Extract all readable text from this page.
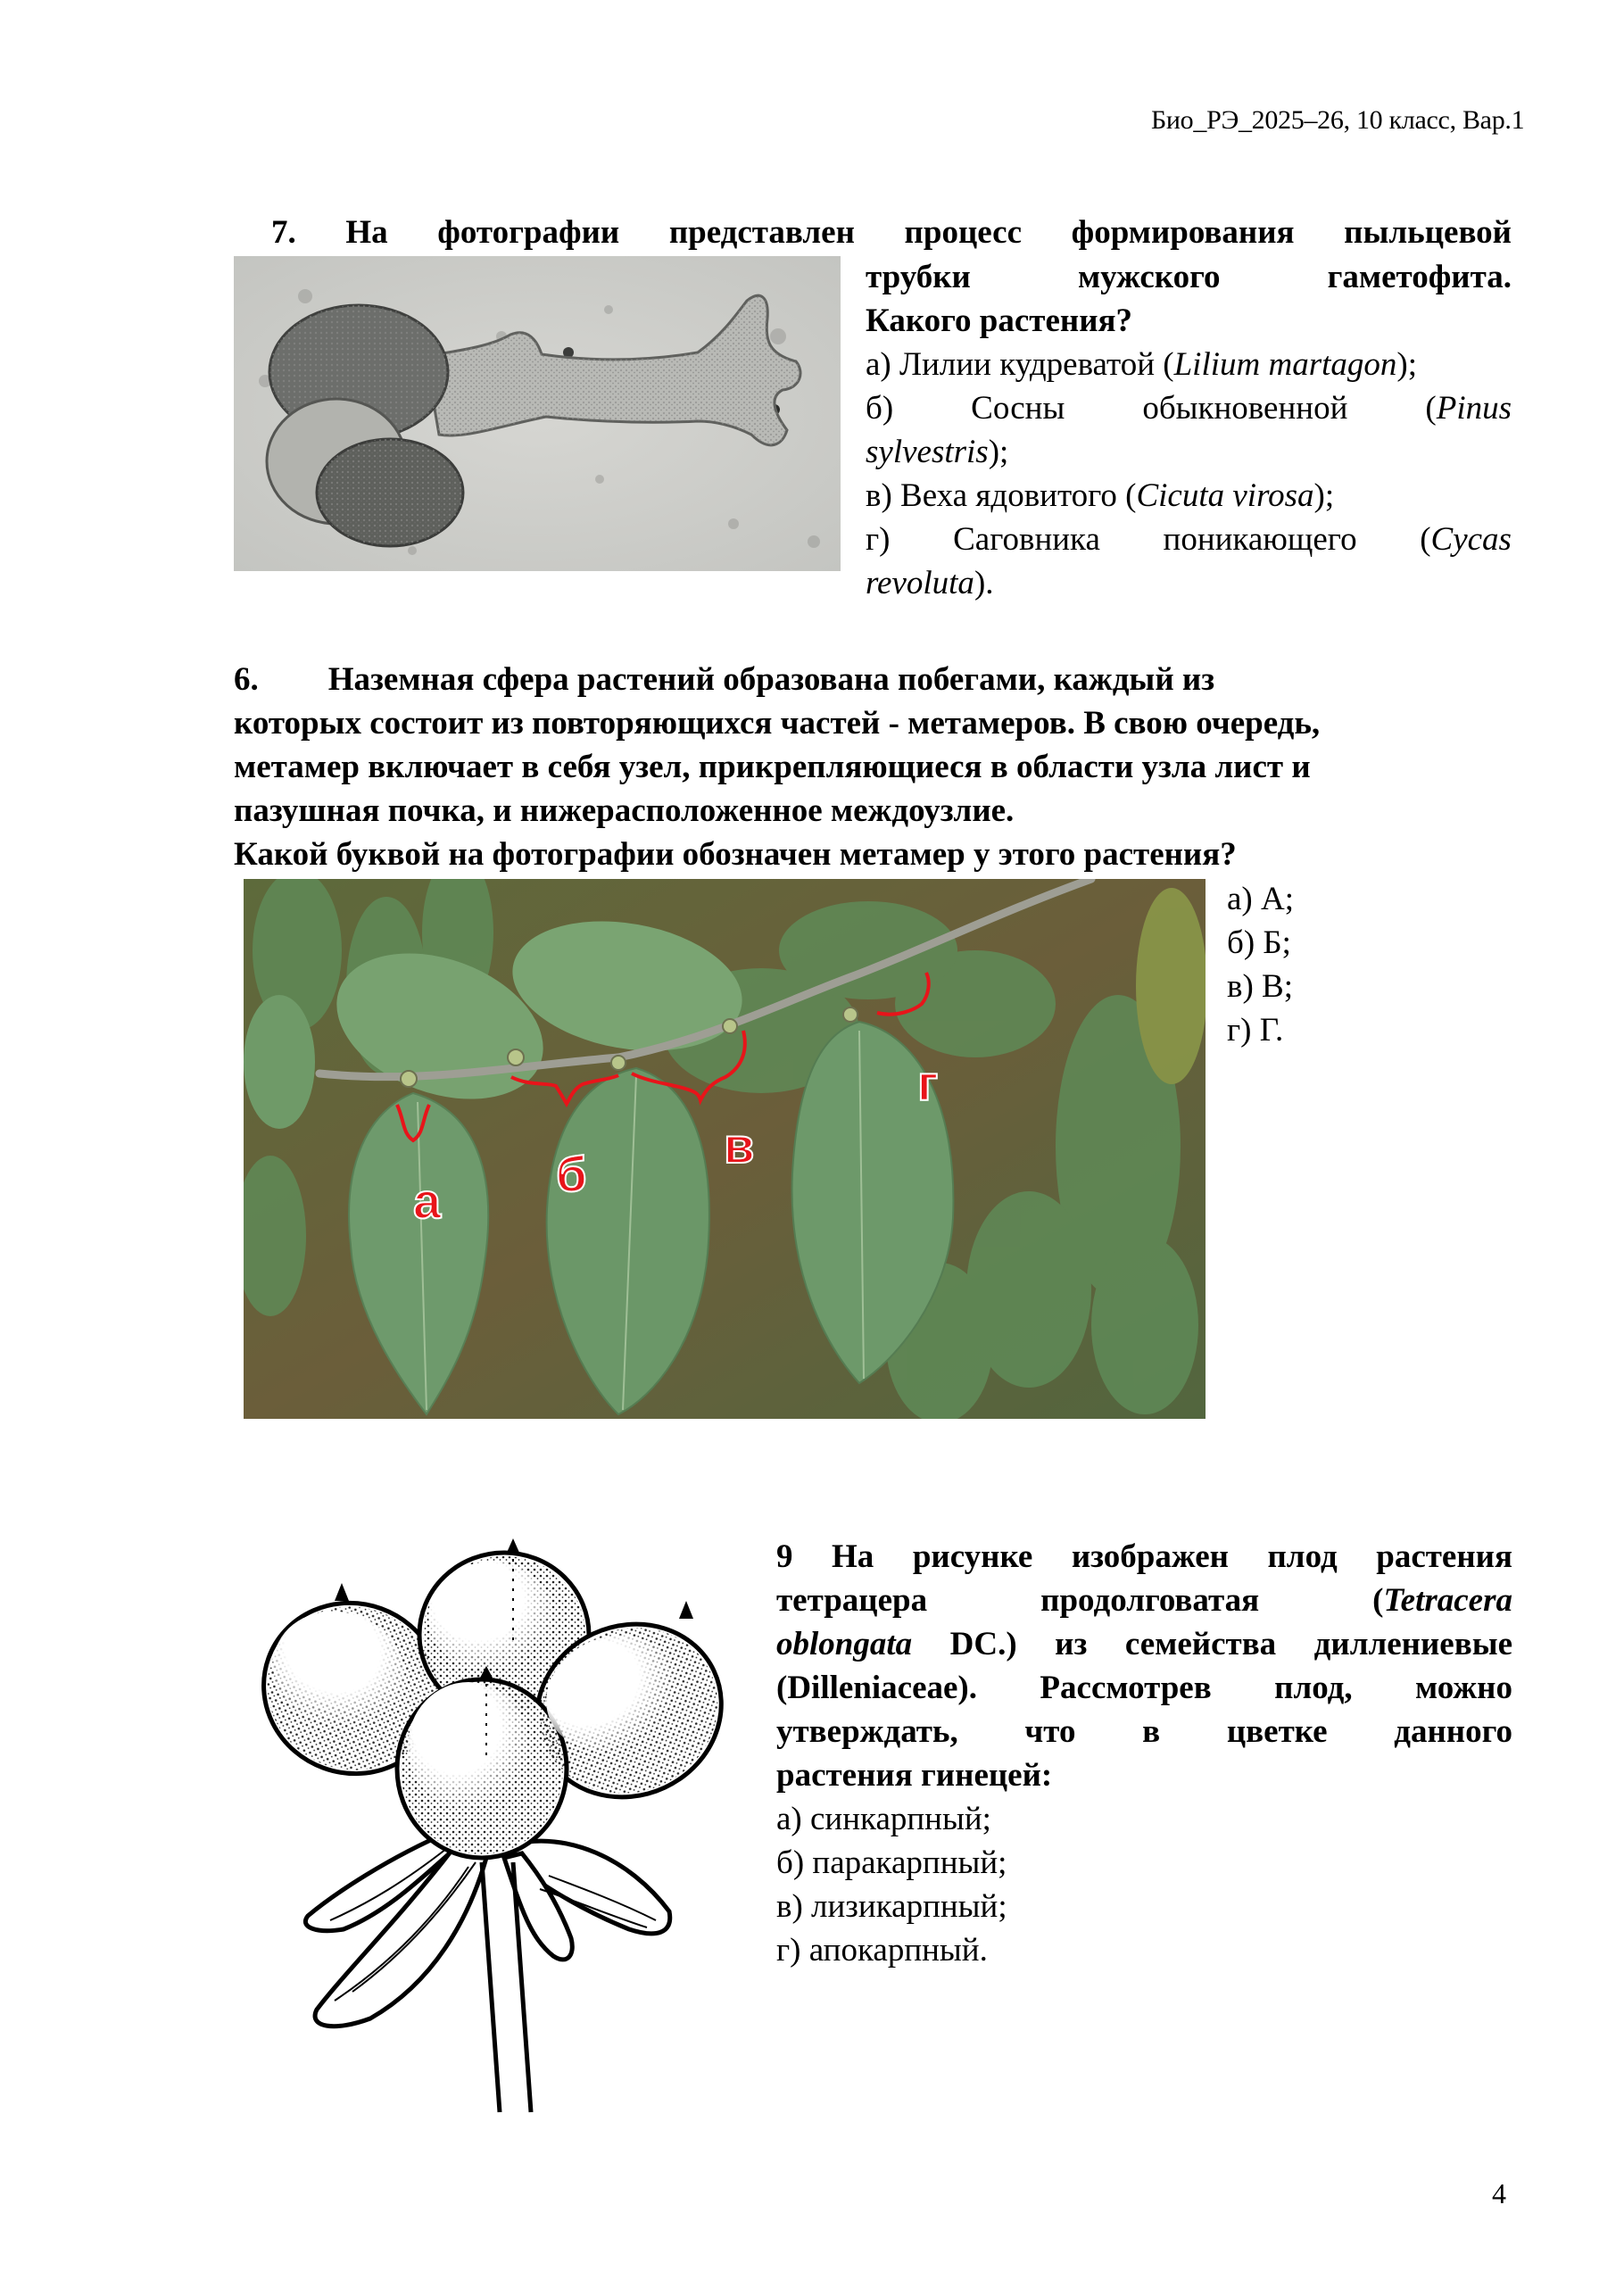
Био_РЭ_2025–26, 10 класс, Вар.1
7. На фотографии представлен процесс формирования пыльцевой
трубки мужского гаметофита.
Какого растения?
а) Лилии кудреватой (Lilium martagon);
б) Сосны обыкновенной (Pinus
sylvestris);
в) Веха ядовитого (Cicuta virosa);
г) Саговника поникающего (Cycas
revoluta).
6. Наземная сфера растений образована побегами, каждый из
которых состоит из повторяющихся частей - метамеров. В свою очередь,
метамер включает в себя узел, прикрепляющиеся в области узла лист и
пазушная почка, и нижерасположенное междоузлие.
Какой буквой на фотографии обозначен метамер у этого растения?
а б
в
г
а) А;
б) Б;
в) В;
г) Г.
9 На рисунке изображен плод растения
тетрацера	продолговатая	(Tetracera
oblongata DC.) из семейства диллениевые
(Dilleniaceae). Рассмотрев плод, можно
утверждать, что в цветке данного
растения гинецей:
а) синкарпный;
б) паракарпный;
в) лизикарпный;
г) апокарпный.
4
